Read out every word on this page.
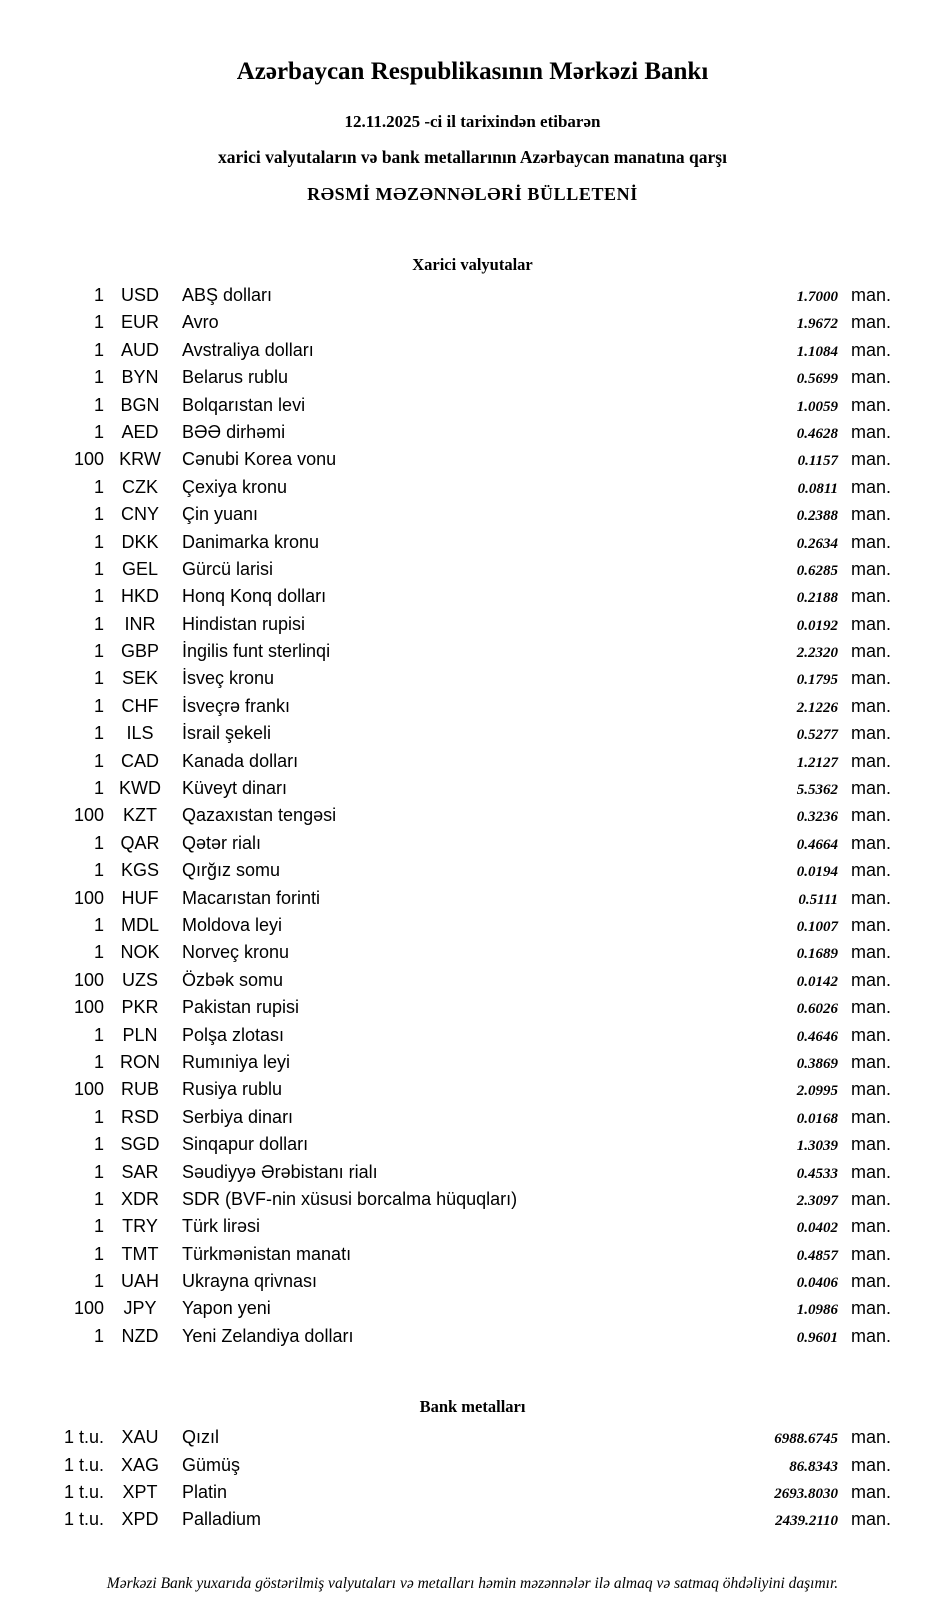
Azərbaycan Respublikasının Mərkəzi Bankı
12.11.2025 -ci il tarixindən etibarən
xarici valyutaların və bank metallarının Azərbaycan manatına qarşı
RƏSMİ MƏZƏNNƏLƏRİ BÜLLETENİ
Xarici valyutalar
1 USD	ABŞ dolları	1.7000 man.
1 EUR	Avro	1.9672 man.
1 AUD	Avstraliya dolları	1.1084 man.
1 BYN	Belarus rublu	0.5699 man.
1 BGN	Bolqarıstan levi	1.0059 man.
1 AED	BƏƏ dirhəmi	0.4628 man.
100 KRW	Cənubi Korea vonu	0.1157 man.
1	CZK	Çexiya kronu	0.0811 man.
1 CNY	Çin yuanı	0.2388 man.
1 DKK	Danimarka kronu	0.2634 man.
1 GEL	Gürcü larisi	0.6285 man.
1 HKD	Honq Konq dolları	0.2188 man.
1	INR	Hindistan rupisi	0.0192 man.
1 GBP	İngilis funt sterlinqi	2.2320 man.
1 SEK	İsveç kronu	0.1795 man.
1 CHF	İsveçrə frankı	2.1226 man.
1	ILS	İsrail şekeli	0.5277 man.
1 CAD	Kanada dolları	1.2127 man.
1 KWD	Küveyt dinarı	5.5362 man.
100	KZT	Qazaxıstan tengəsi	0.3236 man.
1 QAR	Qətər rialı	0.4664 man.
1 KGS	Qırğız somu	0.0194 man.
100 HUF	Macarıstan forinti	0.5111 man.
1 MDL	Moldova leyi	0.1007 man.
1 NOK	Norveç kronu	0.1689 man.
100	UZS	Özbək somu	0.0142 man.
100 PKR	Pakistan rupisi	0.6026 man.
1	PLN	Polşa zlotası	0.4646 man.
1 RON	Rumıniya leyi	0.3869 man.
100 RUB	Rusiya rublu	2.0995 man.
1 RSD	Serbiya dinarı	0.0168 man.
1 SGD	Sinqapur dolları	1.3039 man.
1 SAR	Səudiyyə Ərəbistanı rialı	0.4533 man.
1 XDR	SDR (BVF-nin xüsusi borcalma hüquqları)	2.3097 man.
1	TRY	Türk lirəsi	0.0402 man.
1 TMT	Türkmənistan manatı	0.4857 man.
1 UAH	Ukrayna qrivnası	0.0406 man.
100	JPY	Yapon yeni	1.0986 man.
1 NZD	Yeni Zelandiya dolları	0.9601 man.
Bank metalları
1 t.u. XAU	Qızıl	6988.6745 man.
1 t.u. XAG	Gümüş	86.8343 man.
1 t.u.	XPT	Platin	2693.8030 man.
1 t.u. XPD	Palladium	2439.2110 man.
Mərkəzi Bank yuxarıda göstərilmiş valyutaları və metalları həmin məzənnələr ilə almaq və satmaq öhdəliyini daşımır.
